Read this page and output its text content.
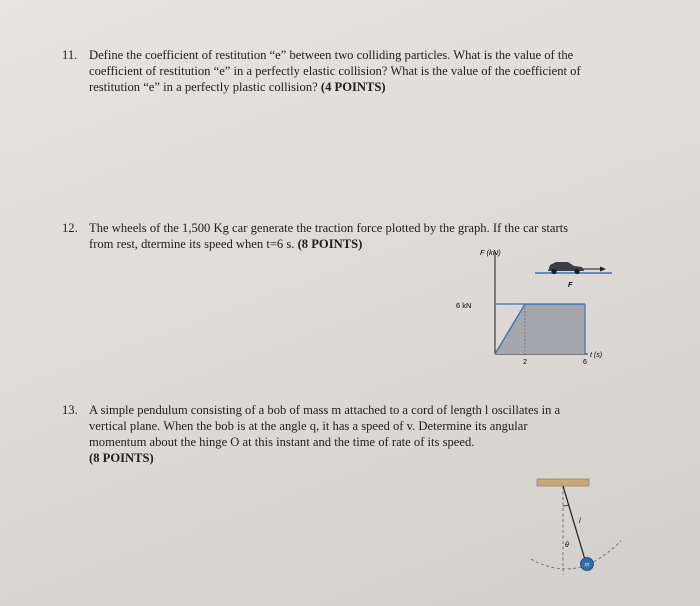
11. Define the coefficient of restitution “e” between two colliding particles. What is the value of the
coefficient of restitution “e” in a perfectly elastic collision? What is the value of the coefficient of
restitution “e” in a perfectly plastic collision? (4 POINTS)
12. The wheels of the 1,500 Kg car generate the traction force plotted by the graph. If the car starts
from rest, dtermine its speed when t=6 s. (8 POINTS)
F (kN)
F
t (s)
6 kN
2	6
13. A simple pendulum consisting of a bob of mass m attached to a cord of length l oscillates in a
vertical plane. When the bob is at the angle q, it has a speed of v. Determine its angular
momentum about the hinge O at this instant and the time of rate of its speed.
(8 POINTS)
l
θ
m
